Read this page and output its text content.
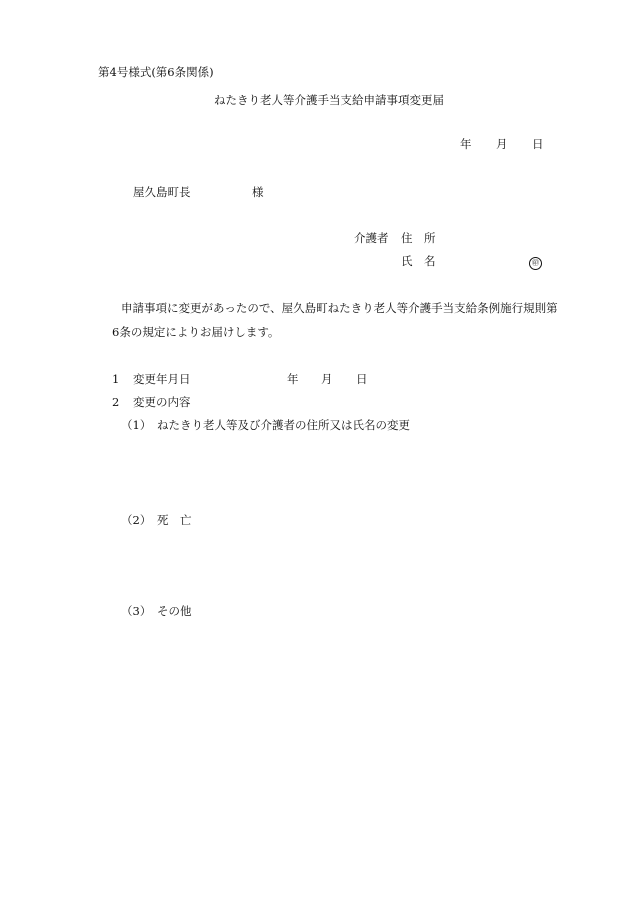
第4号様式(第6条関係)
ねたきり老人等介護手当支給申請事項変更届
年 月 日
屋久島町長	様
介護者 住　所
氏　名	㊞
申請事項に変更があったので、屋久島町ねたきり老人等介護手当支給条例施行規則第
6条の規定によりお届けします。
1 変更年月日	年 月 日
2 変更の内容
（1） ねたきり老人等及び介護者の住所又は氏名の変更
（2） 死　亡
（3） その他
